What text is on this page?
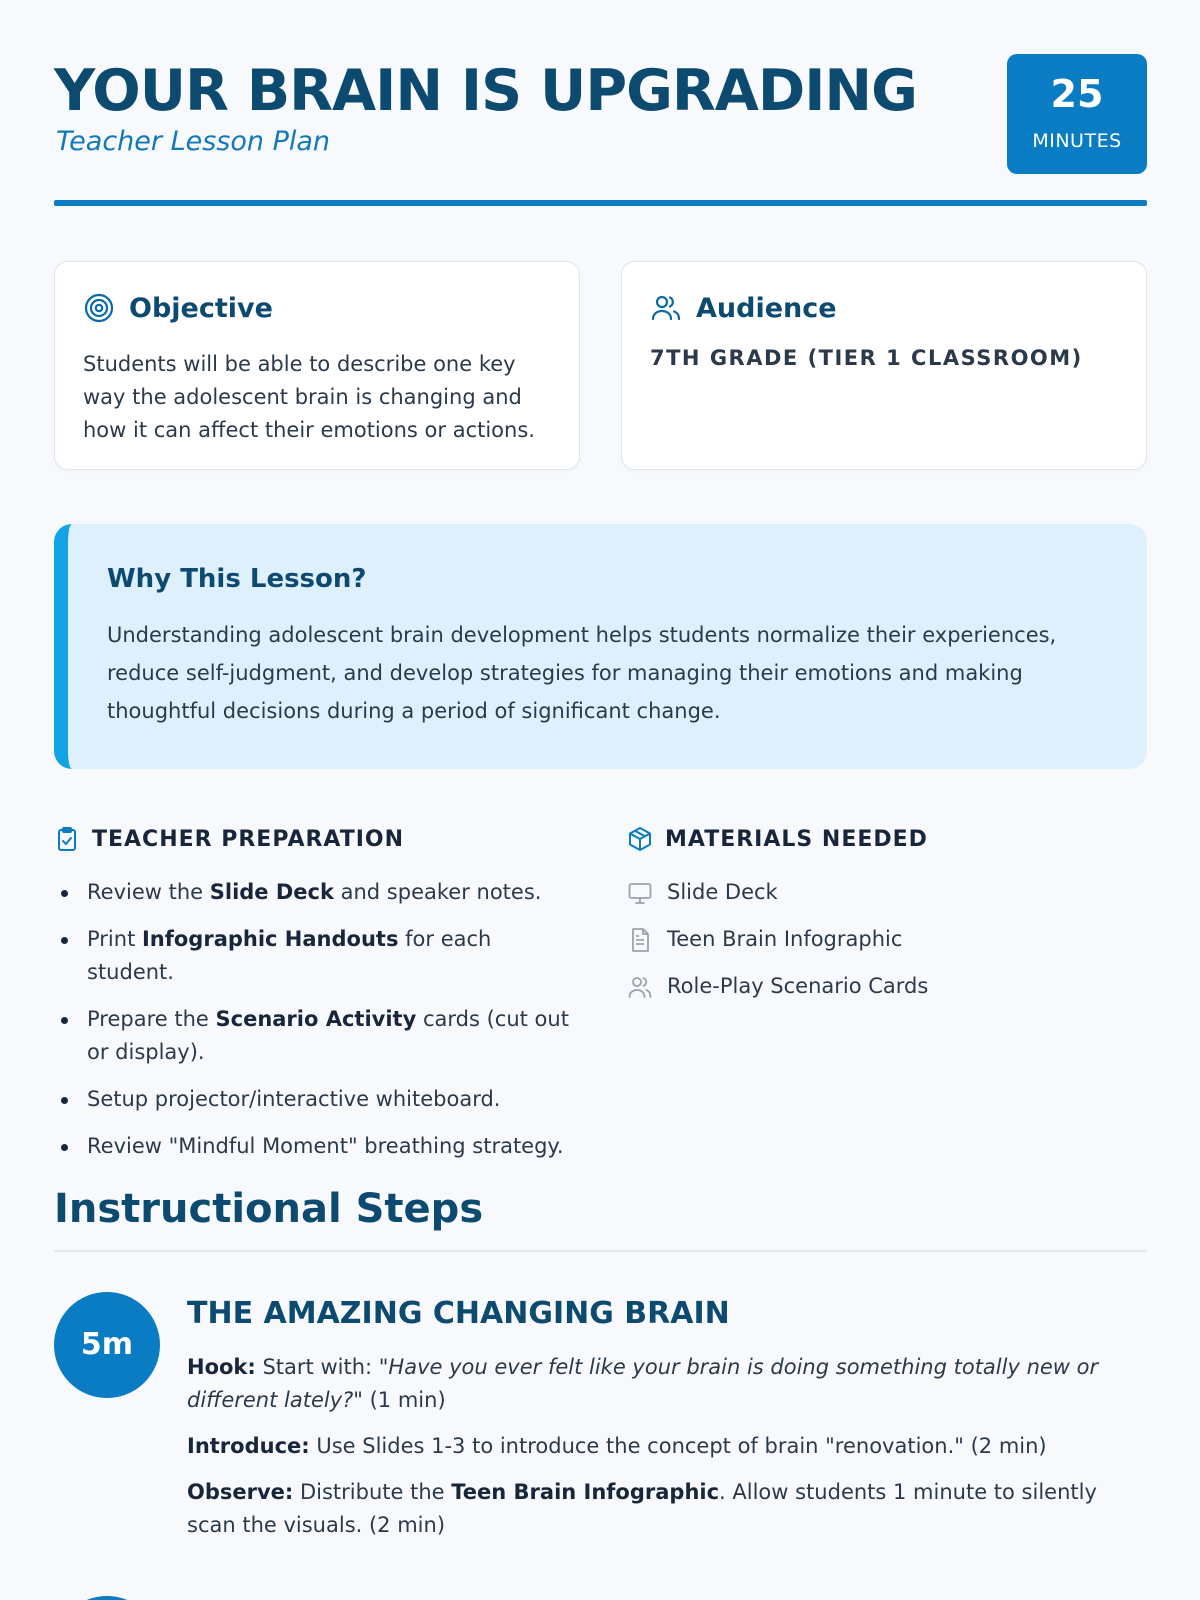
YOUR BRAIN IS UPGRADING
Teacher Lesson Plan
25
MINUTES
Objective
Students will be able to describe one key way the adolescent brain is changing and how it can affect their emotions or actions.
Audience
7TH GRADE (TIER 1 CLASSROOM)
Why This Lesson?
Understanding adolescent brain development helps students normalize their experiences, reduce self-judgment, and develop strategies for managing their emotions and making thoughtful decisions during a period of significant change.
TEACHER PREPARATION
Review the Slide Deck and speaker notes.
Print Infographic Handouts for each student.
Prepare the Scenario Activity cards (cut out or display).
Setup projector/interactive whiteboard.
Review "Mindful Moment" breathing strategy.
MATERIALS NEEDED
Slide Deck
Teen Brain Infographic
Role-Play Scenario Cards
Instructional Steps
5m
THE AMAZING CHANGING BRAIN
Hook: Start with: "Have you ever felt like your brain is doing something totally new or different lately?" (1 min)
Introduce: Use Slides 1-3 to introduce the concept of brain "renovation." (2 min)
Observe: Distribute the Teen Brain Infographic. Allow students 1 minute to silently scan the visuals. (2 min)
